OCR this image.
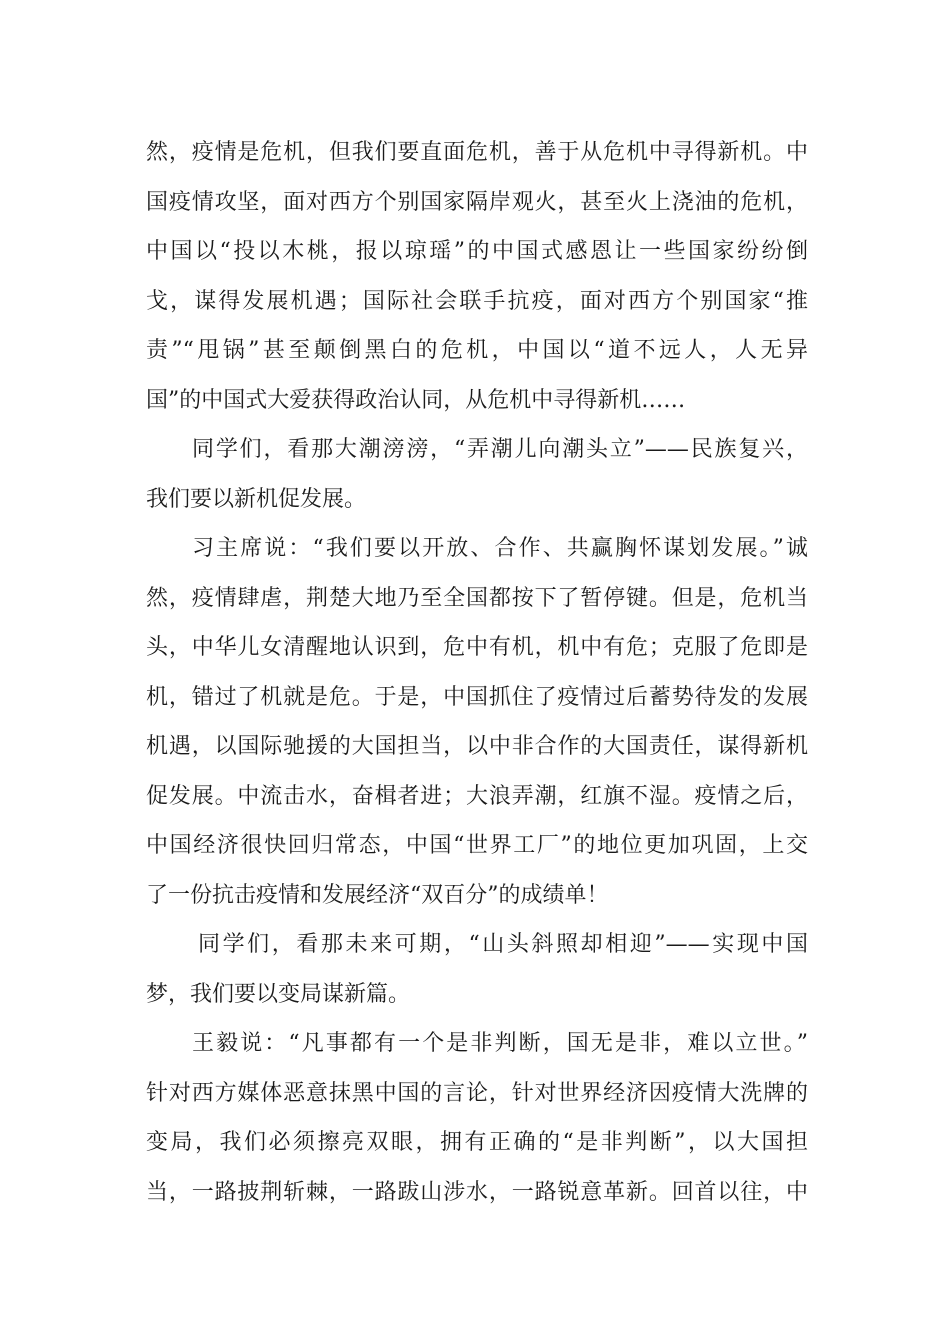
然，疫情是危机，但我们要直面危机，善于从危机中寻得新机。中
国疫情攻坚，面对西方个别国家隔岸观火，甚至火上浇油的危机，
中国以“投以木桃，报以琼瑶”的中国式感恩让一些国家纷纷倒
戈，谋得发展机遇；国际社会联手抗疫，面对西方个别国家“推
责”“甩锅”甚至颠倒黑白的危机，中国以“道不远人，人无异
国”的中国式大爱获得政治认同，从危机中寻得新机……
同学们，看那大潮滂滂，“弄潮儿向潮头立”——民族复兴，
我们要以新机促发展。
习主席说：“我们要以开放、合作、共赢胸怀谋划发展。”诚
然，疫情肆虐，荆楚大地乃至全国都按下了暂停键。但是，危机当
头，中华儿女清醒地认识到，危中有机，机中有危；克服了危即是
机，错过了机就是危。于是，中国抓住了疫情过后蓄势待发的发展
机遇，以国际驰援的大国担当，以中非合作的大国责任，谋得新机
促发展。中流击水，奋楫者进；大浪弄潮，红旗不湿。疫情之后，
中国经济很快回归常态，中国“世界工厂”的地位更加巩固，上交
了一份抗击疫情和发展经济“双百分”的成绩单！
同学们，看那未来可期，“山头斜照却相迎”——实现中国
梦，我们要以变局谋新篇。
王毅说：“凡事都有一个是非判断，国无是非，难以立世。”
针对西方媒体恶意抹黑中国的言论，针对世界经济因疫情大洗牌的
变局，我们必须擦亮双眼，拥有正确的“是非判断”，以大国担
当，一路披荆斩棘，一路跋山涉水，一路锐意革新。回首以往，中
